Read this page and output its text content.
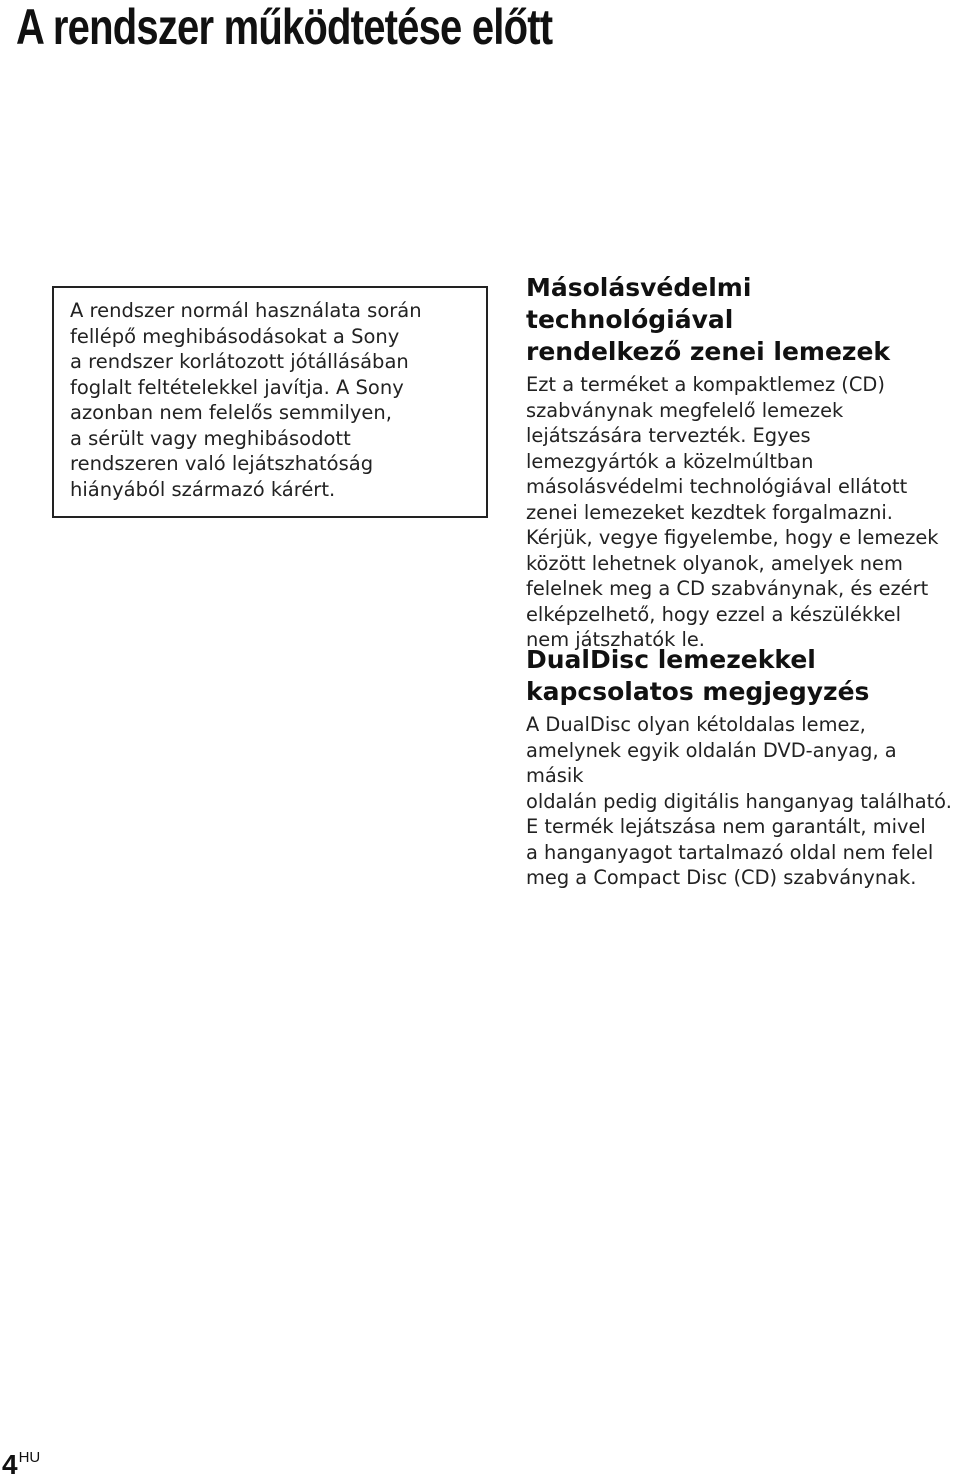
A rendszer működtetése előtt

A rendszer normál használata során
fellépő meghibásodásokat a Sony
a rendszer korlátozott jótállásában
foglalt feltételekkel javítja. A Sony
azonban nem felelős semmilyen,
a sérült vagy meghibásodott
rendszeren való lejátszhatóság
hiányából származó kárért.

Másolásvédelmi technológiával
rendelkező zenei lemezek

Ezt a terméket a kompaktlemez (CD)
szabványnak megfelelő lemezek
lejátszására tervezték. Egyes
lemezgyártók a közelmúltban
másolásvédelmi technológiával ellátott
zenei lemezeket kezdtek forgalmazni.
Kérjük, vegye figyelembe, hogy e lemezek
között lehetnek olyanok, amelyek nem
felelnek meg a CD szabványnak, és ezért
elképzelhető, hogy ezzel a készülékkel
nem játszhatók le.

DualDisc lemezekkel
kapcsolatos megjegyzés

A DualDisc olyan kétoldalas lemez,
amelynek egyik oldalán DVD-anyag, a másik
oldalán pedig digitális hanganyag található.
E termék lejátszása nem garantált, mivel
a hanganyagot tartalmazó oldal nem felel
meg a Compact Disc (CD) szabványnak.

$4^{HU}$
